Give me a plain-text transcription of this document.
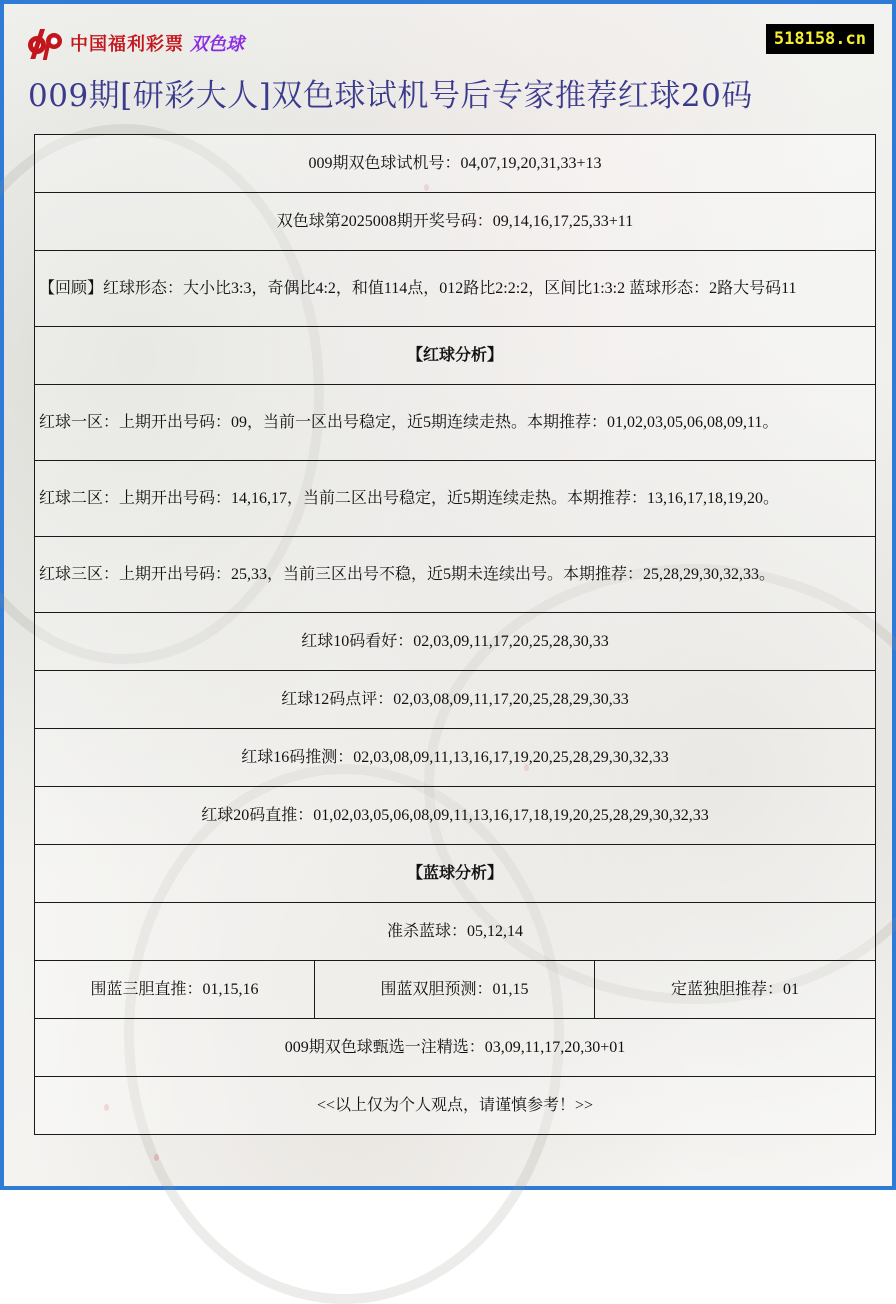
中国福利彩票 双色球	518158.cn
009期[研彩大人]双色球试机号后专家推荐红球20码
009期双色球试机号：04,07,19,20,31,33+13
双色球第2025008期开奖号码：09,14,16,17,25,33+11
【回顾】红球形态：大小比3:3，奇偶比4:2，和值114点，012路比2:2:2，区间比1:3:2 蓝球形态：2路大号码11
【红球分析】
红球一区：上期开出号码：09，当前一区出号稳定，近5期连续走热。本期推荐：01,02,03,05,06,08,09,11。
红球二区：上期开出号码：14,16,17，当前二区出号稳定，近5期连续走热。本期推荐：13,16,17,18,19,20。
红球三区：上期开出号码：25,33，当前三区出号不稳，近5期未连续出号。本期推荐：25,28,29,30,32,33。
红球10码看好：02,03,09,11,17,20,25,28,30,33
红球12码点评：02,03,08,09,11,17,20,25,28,29,30,33
红球16码推测：02,03,08,09,11,13,16,17,19,20,25,28,29,30,32,33
红球20码直推：01,02,03,05,06,08,09,11,13,16,17,18,19,20,25,28,29,30,32,33
【蓝球分析】
准杀蓝球：05,12,14
围蓝三胆直推：01,15,16	围蓝双胆预测：01,15	定蓝独胆推荐：01
009期双色球甄选一注精选：03,09,11,17,20,30+01
<<以上仅为个人观点，请谨慎参考！>>
